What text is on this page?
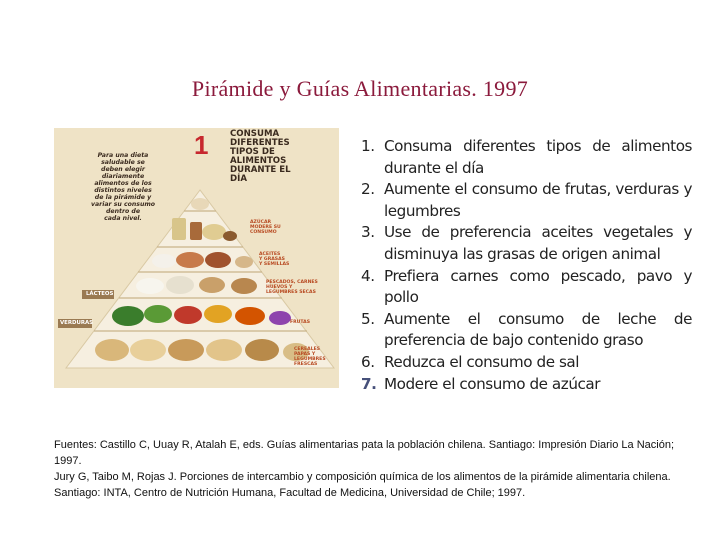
Pirámide y Guías Alimentarias. 1997
1	CONSUMA
DIFERENTES
TIPOS DE
ALIMENTOS
DURANTE EL
DÍA
Para una dieta
saludable se
deben elegir
diariamente
alimentos de los
distintos niveles
de la pirámide y
variar su consumo
dentro de
cada nivel.
AZÚCAR
MODERE SU
CONSUMO
ACEITES
Y GRASAS
Y SEMILLAS
PESCADOS, CARNES
HUEVOS Y
LEGUMBRES SECAS
FRUTAS
CEREALES
PAPAS Y
LEGUMBRES
FRESCAS
LÁCTEOS
VERDURAS
1. Consuma diferentes tipos de alimentos durante el día
2. Aumente el consumo de frutas, verduras y legumbres
3. Use de preferencia aceites vegetales y disminuya las grasas de origen animal
4. Prefiera carnes como pescado, pavo y pollo
5. Aumente el consumo de leche de preferencia de bajo contenido graso
6. Reduzca el consumo de sal
7. Modere el consumo de azúcar

Fuentes: Castillo C, Uuay R, Atalah E, eds. Guías alimentarias pata la población chilena. Santiago: Impresión Diario La Nación; 1997.

Jury G, Taibo M, Rojas J. Porciones de intercambio y composición química de los alimentos de la pirámide alimentaria chilena. Santiago: INTA, Centro de Nutrición Humana, Facultad de Medicina, Universidad de Chile; 1997.
